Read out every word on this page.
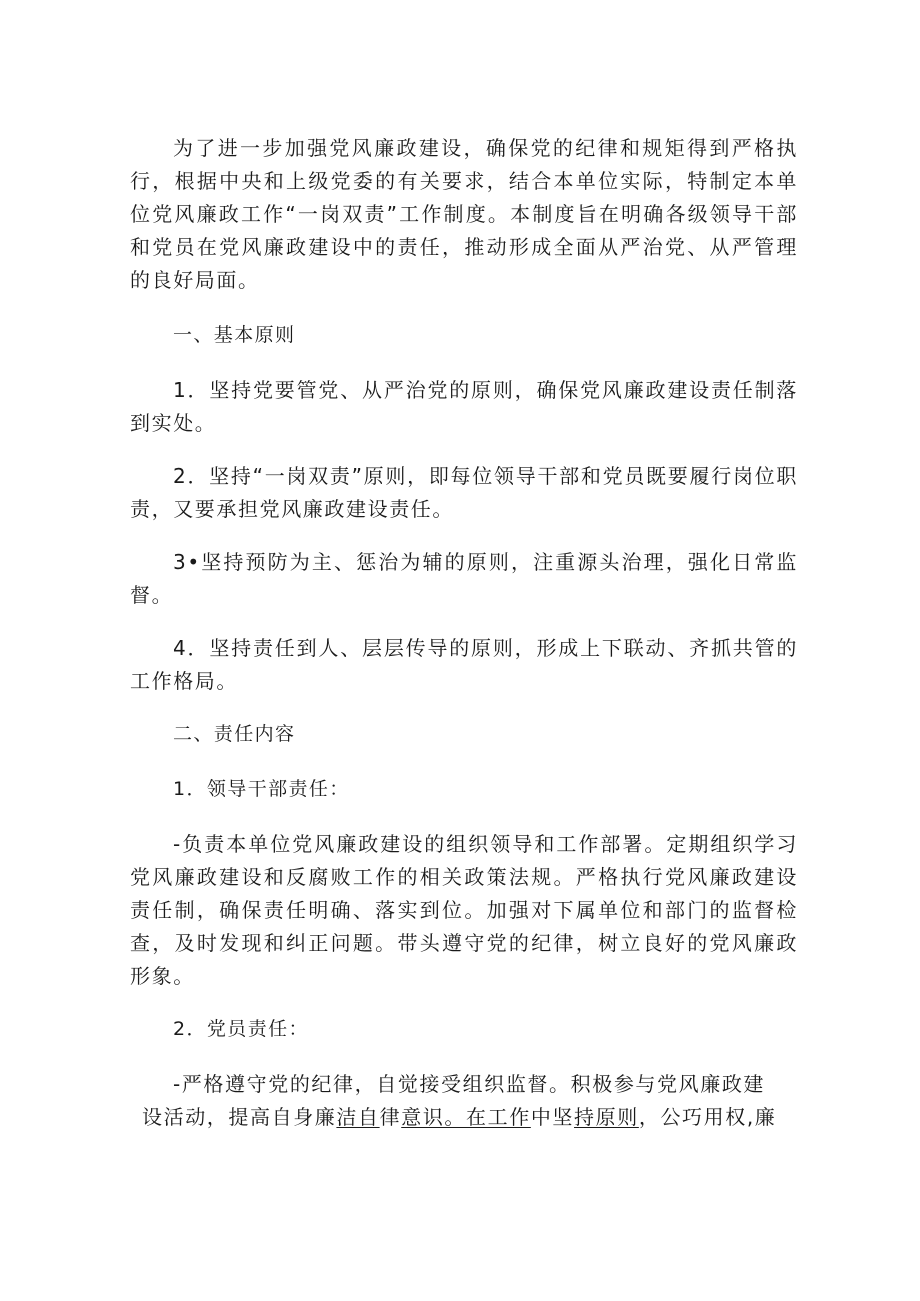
为了进一步加强党风廉政建设，确保党的纪律和规矩得到严格执行，根据中央和上级党委的有关要求，结合本单位实际，特制定本单位党风廉政工作“一岗双责”工作制度。本制度旨在明确各级领导干部和党员在党风廉政建设中的责任，推动形成全面从严治党、从严管理的良好局面。

一、基本原则

1．坚持党要管党、从严治党的原则，确保党风廉政建设责任制落到实处。

2．坚持“一岗双责”原则，即每位领导干部和党员既要履行岗位职责，又要承担党风廉政建设责任。

3•坚持预防为主、惩治为辅的原则，注重源头治理，强化日常监督。

4．坚持责任到人、层层传导的原则，形成上下联动、齐抓共管的工作格局。

二、责任内容

1．领导干部责任：

-负责本单位党风廉政建设的组织领导和工作部署。定期组织学习党风廉政建设和反腐败工作的相关政策法规。严格执行党风廉政建设责任制，确保责任明确、落实到位。加强对下属单位和部门的监督检查，及时发现和纠正问题。带头遵守党的纪律，树立良好的党风廉政形象。

2．党员责任：

-严格遵守党的纪律，自觉接受组织监督。积极参与党风廉政建
设活动，提高自身廉洁自律意识。在工作中坚持原则，公巧用权,廉
